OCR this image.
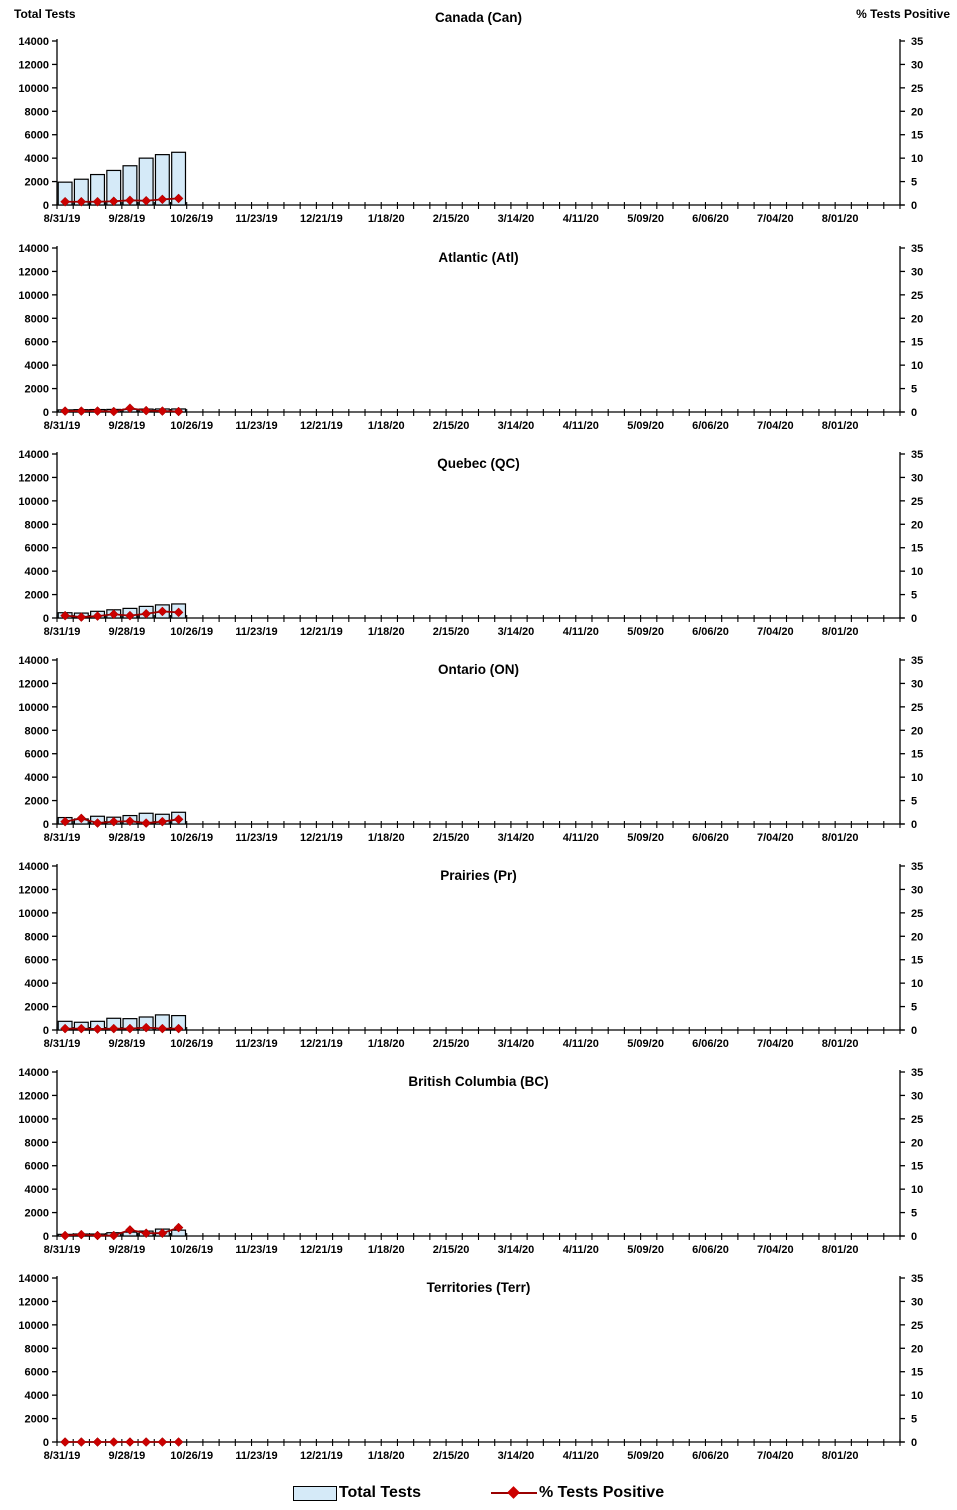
Total Tests	% Tests Positive
Canada (Can)
0
2000
4000
6000
8000
10000
12000
14000
0
5
10
15
20
25
30
35
8/31/19	9/28/19 10/26/19 11/23/19 12/21/19 1/18/20	2/15/20	3/14/20	4/11/20	5/09/20	6/06/20	7/04/20	8/01/20
Atlantic (Atl)
0
2000
4000
6000
8000
10000
12000
14000
0
5
10
15
20
25
30
35
8/31/19	9/28/19 10/26/19 11/23/19 12/21/19 1/18/20	2/15/20	3/14/20	4/11/20	5/09/20	6/06/20	7/04/20	8/01/20
Quebec (QC)
0
2000
4000
6000
8000
10000
12000
14000
0
5
10
15
20
25
30
35
8/31/19	9/28/19 10/26/19 11/23/19 12/21/19 1/18/20	2/15/20	3/14/20	4/11/20	5/09/20	6/06/20	7/04/20	8/01/20
Ontario (ON)
0
2000
4000
6000
8000
10000
12000
14000
0
5
10
15
20
25
30
35
8/31/19	9/28/19 10/26/19 11/23/19 12/21/19 1/18/20	2/15/20	3/14/20	4/11/20	5/09/20	6/06/20	7/04/20	8/01/20
Prairies (Pr)
0
2000
4000
6000
8000
10000
12000
14000
0
5
10
15
20
25
30
35
8/31/19	9/28/19 10/26/19 11/23/19 12/21/19 1/18/20	2/15/20	3/14/20	4/11/20	5/09/20	6/06/20	7/04/20	8/01/20
British Columbia (BC)
0
2000
4000
6000
8000
10000
12000
14000
0
5
10
15
20
25
30
35
8/31/19	9/28/19 10/26/19 11/23/19 12/21/19 1/18/20	2/15/20	3/14/20	4/11/20	5/09/20	6/06/20	7/04/20	8/01/20
Territories (Terr)
0
2000
4000
6000
8000
10000
12000
14000
0
5
10
15
20
25
30
35
8/31/19	9/28/19 10/26/19 11/23/19 12/21/19 1/18/20	2/15/20	3/14/20	4/11/20	5/09/20	6/06/20	7/04/20	8/01/20
Total Tests	% Tests Positive
